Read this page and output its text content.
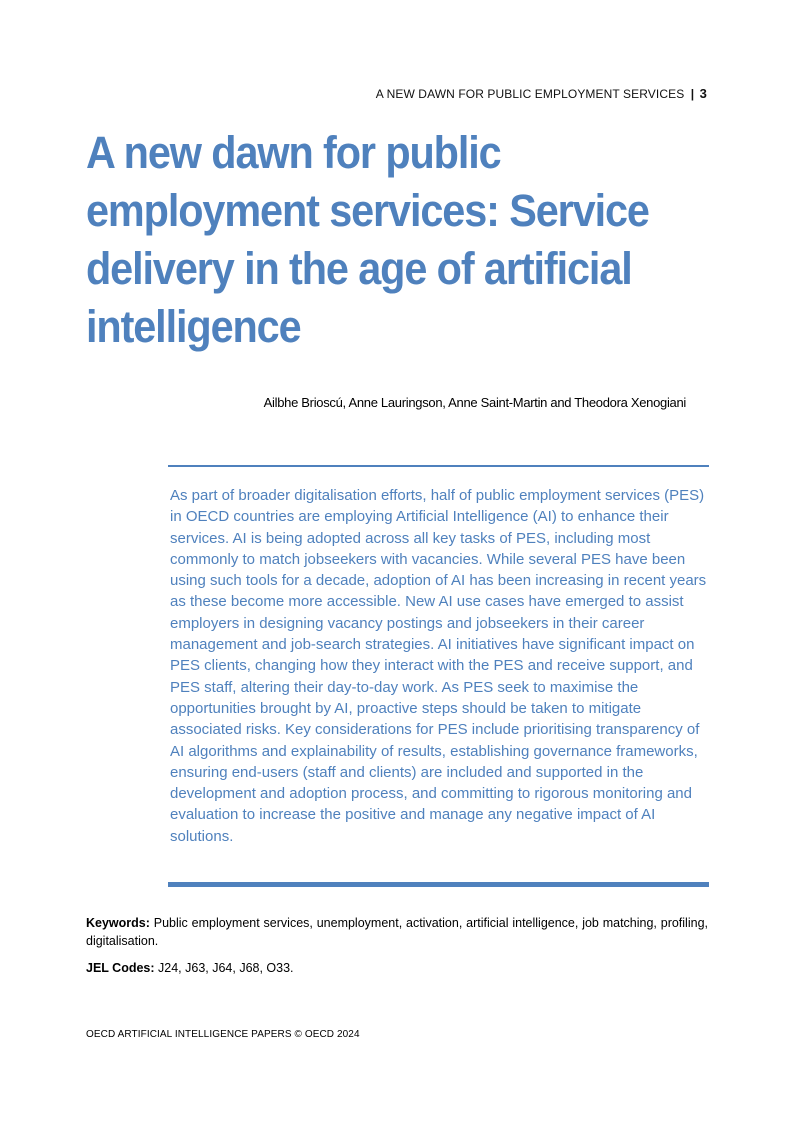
A NEW DAWN FOR PUBLIC EMPLOYMENT SERVICES | 3
A new dawn for public employment services: Service delivery in the age of artificial intelligence
Ailbhe Brioscú, Anne Lauringson, Anne Saint-Martin and Theodora Xenogiani

As part of broader digitalisation efforts, half of public employment services (PES) in OECD countries are employing Artificial Intelligence (AI) to enhance their services. AI is being adopted across all key tasks of PES, including most commonly to match jobseekers with vacancies. While several PES have been using such tools for a decade, adoption of AI has been increasing in recent years as these become more accessible. New AI use cases have emerged to assist employers in designing vacancy postings and jobseekers in their career management and job-search strategies. AI initiatives have significant impact on PES clients, changing how they interact with the PES and receive support, and PES staff, altering their day-to-day work. As PES seek to maximise the opportunities brought by AI, proactive steps should be taken to mitigate associated risks. Key considerations for PES include prioritising transparency of AI algorithms and explainability of results, establishing governance frameworks, ensuring end-users (staff and clients) are included and supported in the development and adoption process, and committing to rigorous monitoring and evaluation to increase the positive and manage any negative impact of AI solutions.

Keywords: Public employment services, unemployment, activation, artificial intelligence, job matching, profiling, digitalisation.

JEL Codes: J24, J63, J64, J68, O33.

OECD ARTIFICIAL INTELLIGENCE PAPERS © OECD 2024
